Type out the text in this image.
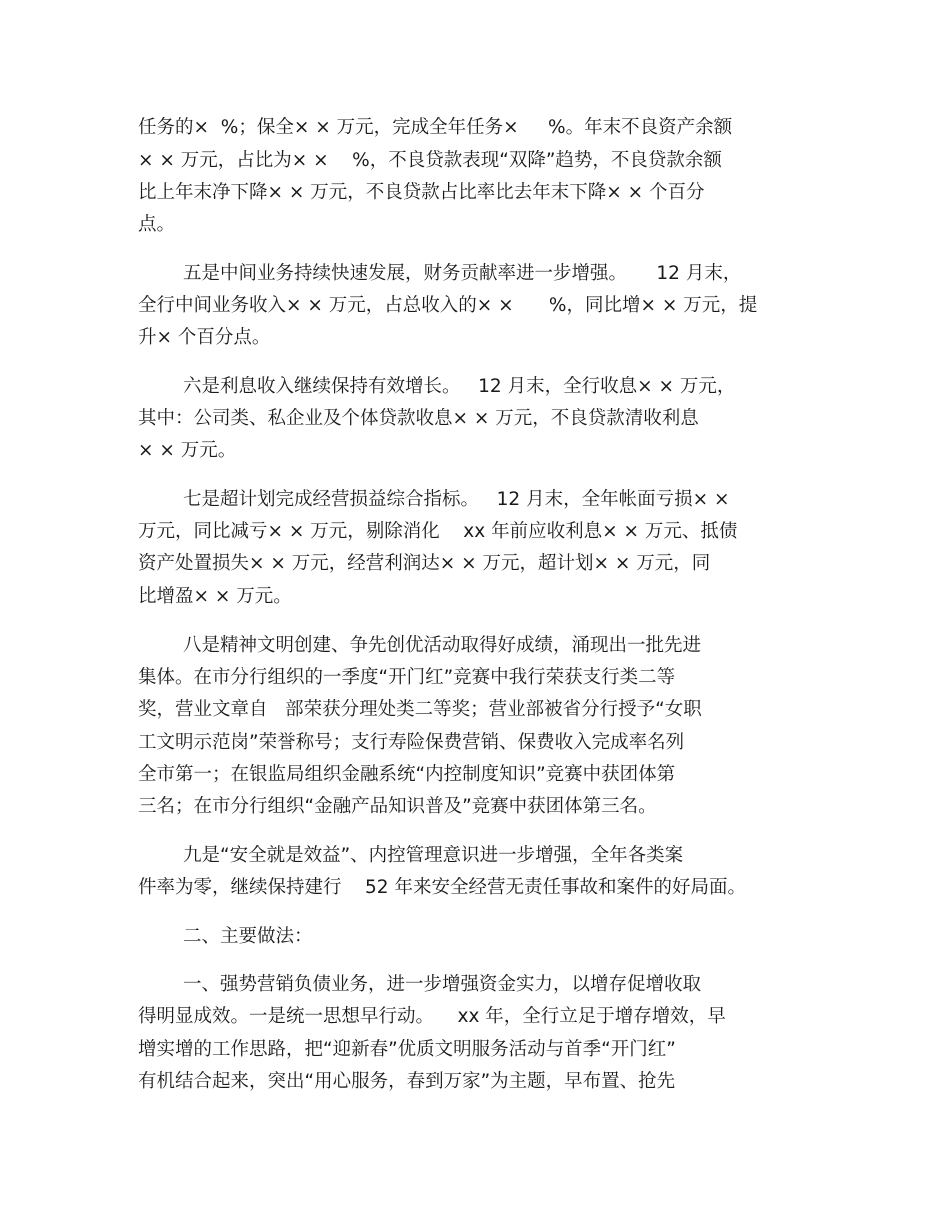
任务的×  %；保全× × 万元，完成全年任务×     %。年末不良资产余额
× × 万元，占比为× ×    %，不良贷款表现“双降”趋势，不良贷款余额
比上年末净下降× × 万元，不良贷款占比率比去年末下降× × 个百分
点。
五是中间业务持续快速发展，财务贡献率进一步增强。     12 月末，
全行中间业务收入× × 万元，占总收入的× ×      %，同比增× × 万元，提
升× 个百分点。
六是利息收入继续保持有效增长。   12 月末，全行收息× × 万元，
其中：公司类、私企业及个体贷款收息× × 万元，不良贷款清收利息
× × 万元。
七是超计划完成经营损益综合指标。   12 月末，全年帐面亏损× ×
万元，同比减亏× × 万元，剔除消化    xx 年前应收利息× × 万元、抵债
资产处置损失× × 万元，经营利润达× × 万元，超计划× × 万元，同
比增盈× × 万元。
八是精神文明创建、争先创优活动取得好成绩，涌现出一批先进
集体。在市分行组织的一季度“开门红”竞赛中我行荣获支行类二等
奖，营业文章自   部荣获分理处类二等奖；营业部被省分行授予“女职
工文明示范岗”荣誉称号；支行寿险保费营销、保费收入完成率名列
全市第一；在银监局组织金融系统“内控制度知识”竞赛中获团体第
三名；在市分行组织“金融产品知识普及”竞赛中获团体第三名。
九是“安全就是效益”、内控管理意识进一步增强，全年各类案
件率为零，继续保持建行    52 年来安全经营无责任事故和案件的好局面。
二、主要做法：
一、强势营销负债业务，进一步增强资金实力，以增存促增收取
得明显成效。一是统一思想早行动。    xx 年，全行立足于增存增效，早
增实增的工作思路，把“迎新春”优质文明服务活动与首季“开门红”
有机结合起来，突出“用心服务，春到万家”为主题，早布置、抢先
